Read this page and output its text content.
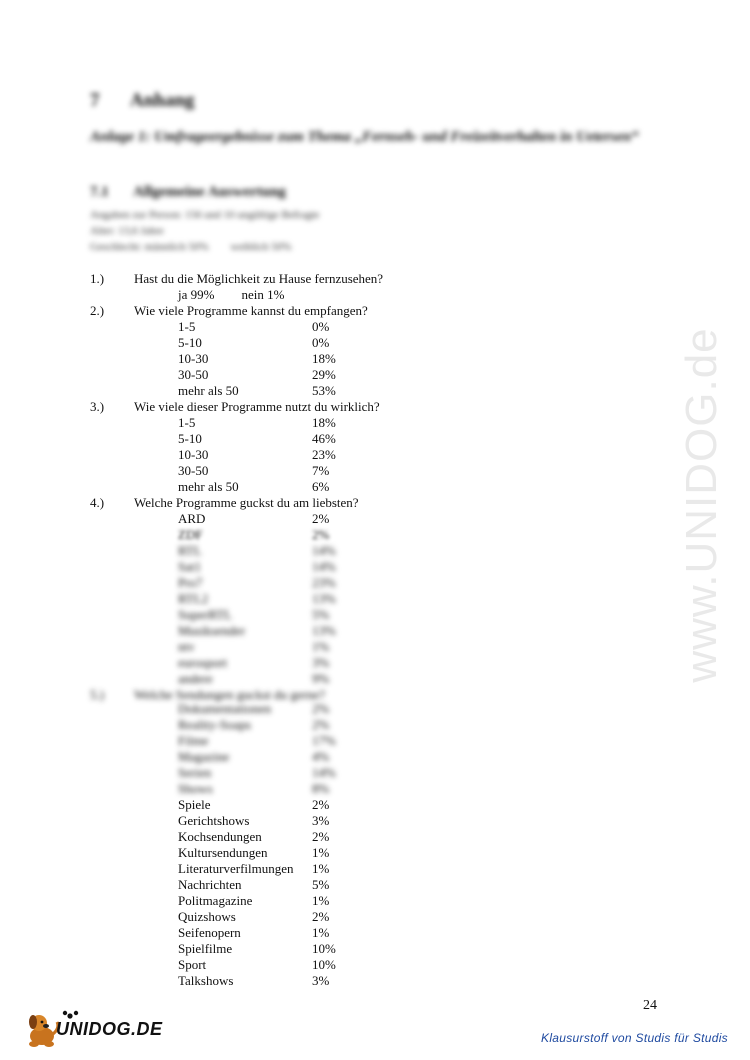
7 Anhang
Anlage 1: Umfrageergebnisse zum Thema „Fernseh- und Freizeitverhalten in Uetersen“
7.1 Allgemeine Auswertung
Angaben zur Person: 156 und 10 ungültige Befragte
Alter: 13,6 Jahre
Geschlecht: männlich 50% weiblich 50%
1.) Hast du die Möglichkeit zu Hause fernzusehen?
ja 99% nein 1%
2.) Wie viele Programme kannst du empfangen?
1-5	0%
5-10	0%
10-30	18%
30-50	29%
mehr als 50	53%
3.) Wie viele dieser Programme nutzt du wirklich?
1-5	18%
5-10	46%
10-30	23%
30-50	7%
mehr als 50	6%
4.) Welche Programme guckst du am liebsten?
ARD	2%
ZDF	2%
RTL	14%
Sat1	14%
Pro7	23%
RTL2	13%
SuperRTL	5%
Musiksender	13%
ntv	1%
eurosport	3%
andere	9%
5.) Welche Sendungen guckst du gerne?
Dokumentationen	2%
Reality-Soaps	2%
Filme	17%
Magazine	4%
Serien	14%
Shows	8%
Spiele	2%
Gerichtshows	3%
Kochsendungen	2%
Kultursendungen	1%
Literaturverfilmungen 1%
Nachrichten	5%
Politmagazine	1%
Quizshows	2%
Seifenopern	1%
Spielfilme	10%
Sport	10%
Talkshows	3%
www.UNIDOG.de
24
UNIDOG.DE	Klausurstoff von Studis für Studis
